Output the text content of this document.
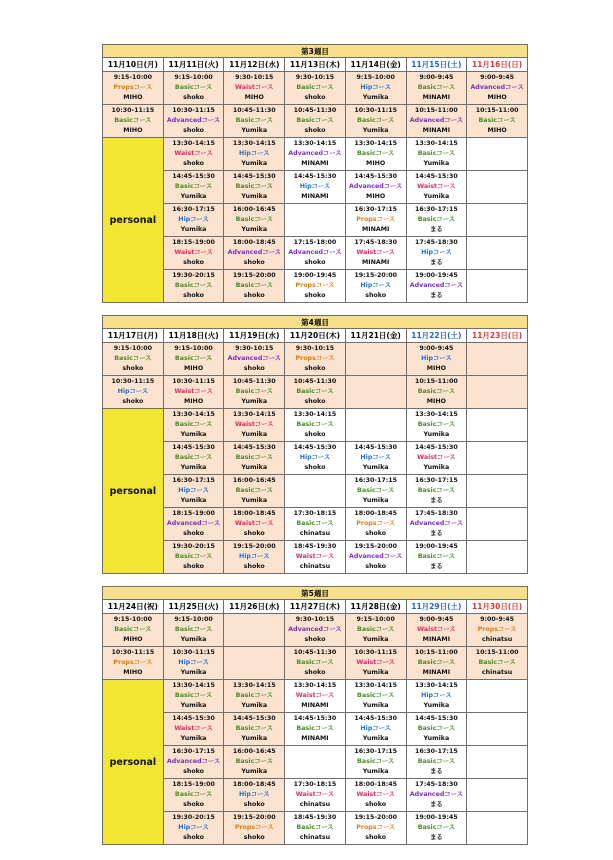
第3週目						
11月10日(月)	11月11日(火)	11月12日(水)	11月13日(木)	11月14日(金)	11月15日(土)	11月16日(日)

9:15-10:00
Propsコース
MIHO	9:15-10:00
Basicコース
shoko	9:30-10:15
Waistコース
MIHO	9:30-10:15
Basicコース
shoko	9:15-10:00
Hipコース
Yumika	9:00-9:45
Basicコース
MINAMI	9:00-9:45
Advancedコース
MIHO

10:30-11:15
Basicコース
MIHO	10:30-11:15
Advancedコース
shoko	10:45-11:30
Basicコース
Yumika	10:45-11:30
Basicコース
shoko	10:30-11:15
Basicコース
Yumika	10:15-11:00
Advancedコース
MINAMI	10:15-11:00
Basicコース
MIHO

personal	13:30-14:15
Waistコース
shoko	13:30-14:15
Hipコース
Yumika	13:30-14:15
Advancedコース
MINAMI	13:30-14:15
Basicコース
MIHO	13:30-14:15
Basicコース
Yumika	

	14:45-15:30
Basicコース
Yumika	14:45-15:30
Basicコース
Yumika	14:45-15:30
Hipコース
MINAMI	14:45-15:30
Advancedコース
MIHO	14:45-15:30
Waistコース
Yumika	

	16:30-17:15
Hipコース
Yumika	16:00-16:45
Basicコース
Yumika		16:30-17:15
Propsコース
MINAMI	16:30-17:15
Basicコース
まる	

	18:15-19:00
Waistコース
shoko	18:00-18:45
Advancedコース
shoko	17:15-18:00
Advancedコース
shoko	17:45-18:30
Waistコース
MINAMI	17:45-18:30
Hipコース
まる	

	19:30-20:15
Basicコース
shoko	19:15-20:00
Basicコース
shoko	19:00-19:45
Propsコース
shoko	19:15-20:00
Hipコース
shoko	19:00-19:45
Advancedコース
まる	

第4週目						
11月17日(月)	11月18日(火)	11月19日(水)	11月20日(木)	11月21日(金)	11月22日(土)	11月23日(日)

9:15-10:00
Basicコース
shoko	9:15-10:00
Basicコース
MIHO	9:30-10:15
Advancedコース
shoko	9:30-10:15
Propsコース
shoko		9:00-9:45
Hipコース
MIHO	

10:30-11:15
Hipコース
shoko	10:30-11:15
Waistコース
MIHO	10:45-11:30
Basicコース
Yumika	10:45-11:30
Basicコース
shoko		10:15-11:00
Basicコース
MIHO	

personal	13:30-14:15
Basicコース
Yumika	13:30-14:15
Waistコース
Yumika	13:30-14:15
Basicコース
shoko		13:30-14:15
Basicコース
Yumika	

	14:45-15:30
Basicコース
Yumika	14:45-15:30
Basicコース
Yumika	14:45-15:30
Hipコース
shoko	14:45-15:30
Hipコース
Yumika	14:45-15:30
Waistコース
Yumika	

	16:30-17:15
Hipコース
Yumika	16:00-16:45
Basicコース
Yumika		16:30-17:15
Basicコース
Yumika	16:30-17:15
Basicコース
まる	

	18:15-19:00
Advancedコース
shoko	18:00-18:45
Waistコース
shoko	17:30-18:15
Basicコース
chinatsu	18:00-18:45
Propsコース
shoko	17:45-18:30
Advancedコース
まる	

	19:30-20:15
Basicコース
shoko	19:15-20:00
Hipコース
shoko	18:45-19:30
Waistコース
chinatsu	19:15-20:00
Advancedコース
shoko	19:00-19:45
Basicコース
まる	

第5週目						
11月24日(祝)	11月25日(火)	11月26日(水)	11月27日(木)	11月28日(金)	11月29日(土)	11月30日(日)

9:15-10:00
Basicコース
MIHO	9:15-10:00
Basicコース
Yumika		9:30-10:15
Advancedコース
shoko	9:15-10:00
Basicコース
Yumika	9:00-9:45
Waistコース
MINAMI	9:00-9:45
Propsコース
chinatsu

10:30-11:15
Propsコース
MIHO	10:30-11:15
Hipコース
Yumika		10:45-11:30
Basicコース
shoko	10:30-11:15
Waistコース
Yumika	10:15-11:00
Basicコース
MINAMI	10:15-11:00
Basicコース
chinatsu

personal	13:30-14:15
Basicコース
Yumika	13:30-14:15
Basicコース
Yumika	13:30-14:15
Waistコース
MINAMI	13:30-14:15
Basicコース
Yumika	13:30-14:15
Hipコース
Yumika	

	14:45-15:30
Waistコース
Yumika	14:45-15:30
Basicコース
Yumika	14:45-15:30
Basicコース
MINAMI	14:45-15:30
Hipコース
Yumika	14:45-15:30
Basicコース
Yumika	

	16:30-17:15
Advancedコース
shoko	16:00-16:45
Basicコース
Yumika		16:30-17:15
Basicコース
Yumika	16:30-17:15
Basicコース
まる	

	18:15-19:00
Basicコース
shoko	18:00-18:45
Hipコース
shoko	17:30-18:15
Waistコース
chinatsu	18:00-18:45
Waistコース
shoko	17:45-18:30
Advancedコース
まる	

	19:30-20:15
Hipコース
shoko	19:15-20:00
Propsコース
shoko	18:45-19:30
Basicコース
chinatsu	19:15-20:00
Propsコース
shoko	19:00-19:45
Basicコース
まる	
